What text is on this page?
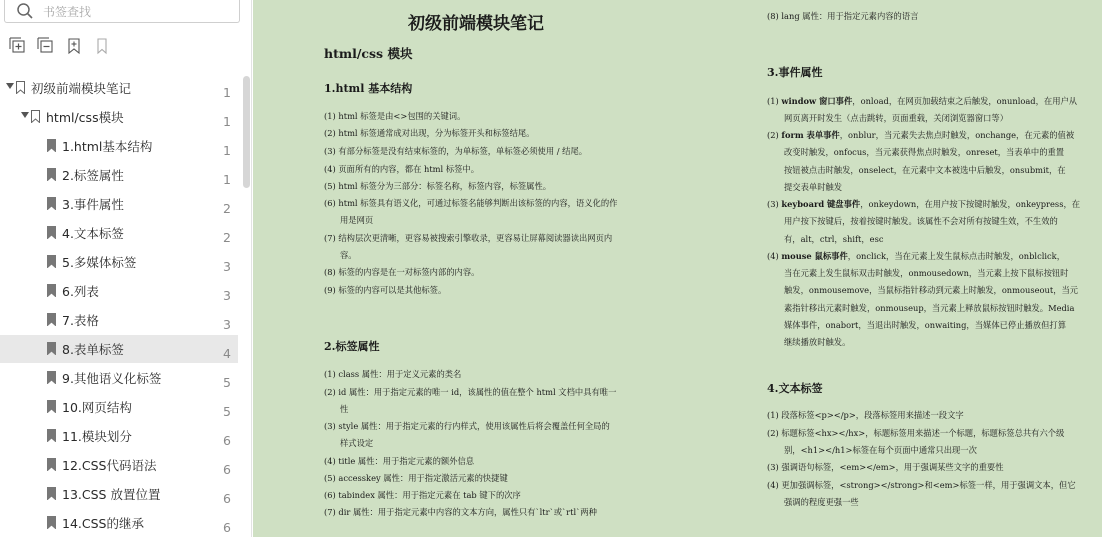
书签查找
初级前端模块笔记	1
html/css模块	1
1.html基本结构	1
2.标签属性	1
3.事件属性	2
4.文本标签	2
5.多媒体标签	3
6.列表	3
7.表格	3
8.表单标签	4
9.其他语义化标签	5
10.网页结构	5
11.模块划分	6
12.CSS代码语法	6
13.CSS 放置位置	6
14.CSS的继承	6
初级前端模块笔记
html/css 模块
1.html 基本结构
(1) html 标签是由<>包围的关键词。
(2) html 标签通常成对出现，分为标签开头和标签结尾。
(3) 有部分标签是没有结束标签的，为单标签，单标签必须使用 / 结尾。
(4) 页面所有的内容，都在 html 标签中。
(5) html 标签分为三部分：标签名称，标签内容，标签属性。
(6) html 标签具有语义化，可通过标签名能够判断出该标签的内容，语义化的作
用是网页
(7) 结构层次更清晰，更容易被搜索引擎收录，更容易让屏幕阅读器读出网页内
容。
(8) 标签的内容是在一对标签内部的内容。
(9) 标签的内容可以是其他标签。
2.标签属性
(1) class 属性：用于定义元素的类名
(2) id 属性：用于指定元素的唯一 id，该属性的值在整个 html 文档中具有唯一
性
(3) style 属性：用于指定元素的行内样式，使用该属性后将会覆盖任何全局的
样式设定
(4) title 属性：用于指定元素的额外信息
(5) accesskey 属性：用于指定激活元素的快捷键
(6) tabindex 属性：用于指定元素在 tab 键下的次序
(7) dir 属性：用于指定元素中内容的文本方向，属性只有`ltr`或`rtl`两种
(8) lang 属性：用于指定元素内容的语言
3.事件属性
(1) window 窗口事件，onload，在网页加载结束之后触发，onunload，在用户从
网页离开时发生（点击跳转，页面重载，关闭浏览器窗口等）
(2) form 表单事件，onblur，当元素失去焦点时触发，onchange，在元素的值被
改变时触发，onfocus，当元素获得焦点时触发，onreset，当表单中的重置
按钮被点击时触发，onselect，在元素中文本被选中后触发，onsubmit，在
提交表单时触发
(3) keyboard 键盘事件，onkeydown，在用户按下按键时触发，onkeypress，在
用户按下按键后，按着按键时触发。该属性不会对所有按键生效，不生效的
有，alt，ctrl，shift，esc
(4) mouse 鼠标事件，onclick，当在元素上发生鼠标点击时触发，onblclick，
当在元素上发生鼠标双击时触发，onmousedown，当元素上按下鼠标按钮时
触发，onmousemove，当鼠标指针移动到元素上时触发，onmouseout，当元
素指针移出元素时触发，onmouseup，当元素上释放鼠标按钮时触发。Media
媒体事件，onabort，当退出时触发，onwaiting，当媒体已停止播放但打算
继续播放时触发。
4.文本标签
(1) 段落标签<p></p>，段落标签用来描述一段文字
(2) 标题标签<hx></hx>，标题标签用来描述一个标题，标题标签总共有六个级
别，<h1></h1>标签在每个页面中通常只出现一次
(3) 强调语句标签，<em></em>，用于强调某些文字的重要性
(4) 更加强调标签，<strong></strong>和<em>标签一样，用于强调文本，但它
强调的程度更强一些
